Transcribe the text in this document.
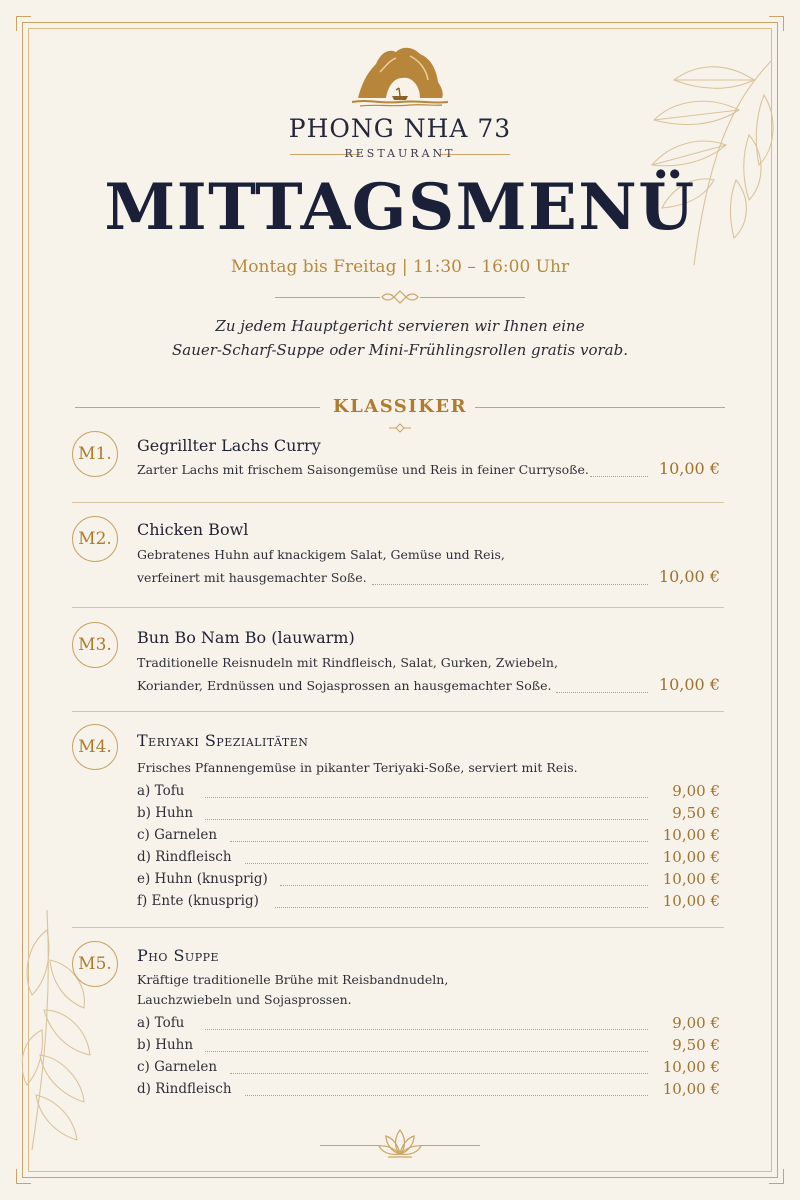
PHONG NHA 73
RESTAURANT
MITTAGSMENÜ
Montag bis Freitag | 11:30 – 16:00 Uhr
Zu jedem Hauptgericht servieren wir Ihnen eine
Sauer-Scharf-Suppe oder Mini-Frühlingsrollen gratis vorab.
KLASSIKER
M1.	Gegrillter Lachs Curry
Zarter Lachs mit frischem Saisongemüse und Reis in feiner Currysoße.	10,00 €
M2.	Chicken Bowl
Gebratenes Huhn auf knackigem Salat, Gemüse und Reis,
verfeinert mit hausgemachter Soße.	10,00 €
M3.	Bun Bo Nam Bo (lauwarm)
Traditionelle Reisnudeln mit Rindfleisch, Salat, Gurken, Zwiebeln,
Koriander, Erdnüssen und Sojasprossen an hausgemachter Soße.	10,00 €
M4.	Teriyaki Spezialitäten
Frisches Pfannengemüse in pikanter Teriyaki-Soße, serviert mit Reis.
a) Tofu	9,00 €
b) Huhn	9,50 €
c) Garnelen	10,00 €
d) Rindfleisch	10,00 €
e) Huhn (knusprig)	10,00 €
f) Ente (knusprig)	10,00 €
M5.	Pho Suppe
Kräftige traditionelle Brühe mit Reisbandnudeln,
Lauchzwiebeln und Sojasprossen.
a) Tofu	9,00 €
b) Huhn	9,50 €
c) Garnelen	10,00 €
d) Rindfleisch	10,00 €
